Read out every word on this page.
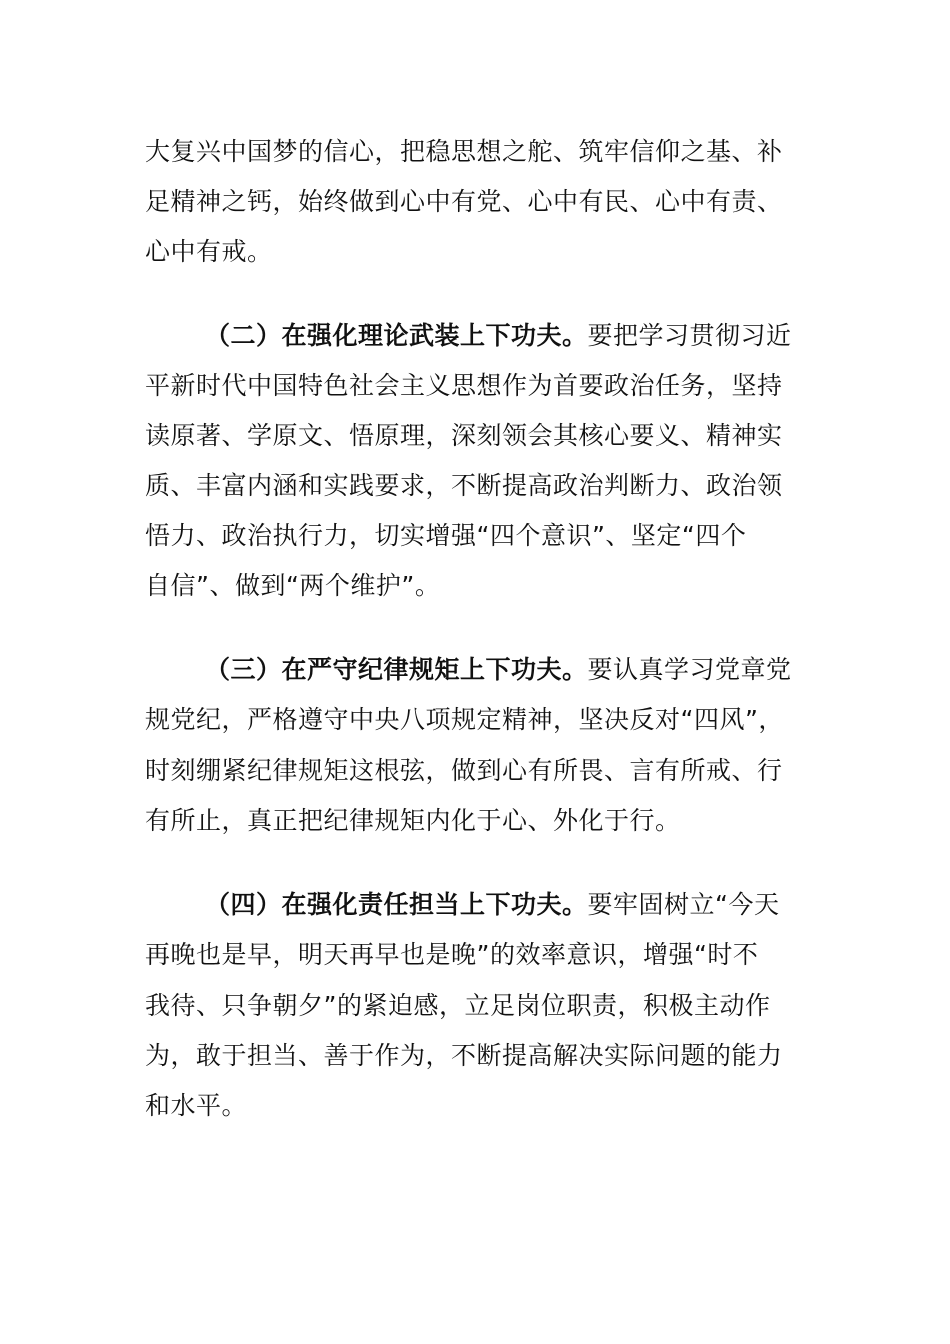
大复兴中国梦的信心，把稳思想之舵、筑牢信仰之基、补
足精神之钙，始终做到心中有党、心中有民、心中有责、
心中有戒。
（二）在强化理论武装上下功夫。要把学习贯彻习近
平新时代中国特色社会主义思想作为首要政治任务，坚持
读原著、学原文、悟原理，深刻领会其核心要义、精神实
质、丰富内涵和实践要求，不断提高政治判断力、政治领
悟力、政治执行力，切实增强“四个意识”、坚定“四个
自信”、做到“两个维护”。
（三）在严守纪律规矩上下功夫。要认真学习党章党
规党纪，严格遵守中央八项规定精神，坚决反对“四风”，
时刻绷紧纪律规矩这根弦，做到心有所畏、言有所戒、行
有所止，真正把纪律规矩内化于心、外化于行。
（四）在强化责任担当上下功夫。要牢固树立“今天
再晚也是早，明天再早也是晚”的效率意识，增强“时不
我待、只争朝夕”的紧迫感，立足岗位职责，积极主动作
为，敢于担当、善于作为，不断提高解决实际问题的能力
和水平。
